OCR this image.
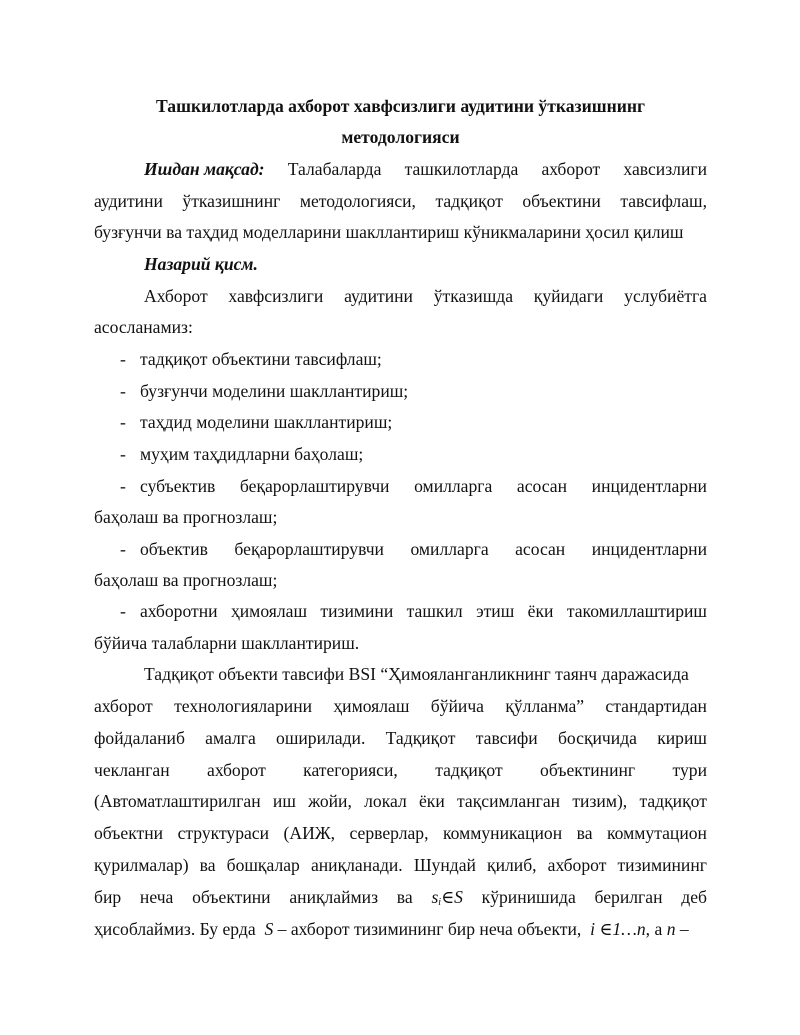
Ташкилотларда ахборот хавфсизлиги аудитини ўтказишнинг
методологияси
Ишдан мақсад: Талабаларда ташкилотларда ахборот хавсизлиги
аудитини ўтказишнинг методологияси, тадқиқот объектини тавсифлаш,
бузғунчи ва таҳдид моделларини шакллантириш кўникмаларини ҳосил қилиш
Назарий қисм.
Ахборот хавфсизлиги аудитини ўтказишда қуйидаги услубиётга
асосланамиз:
- тадқиқот объектини тавсифлаш;
- бузғунчи моделини шакллантириш;
- таҳдид моделини шакллантириш;
- муҳим таҳдидларни баҳолаш;
- субъектив беқарорлаштирувчи омилларга асосан инцидентларни
баҳолаш ва прогнозлаш;
- объектив беқарорлаштирувчи омилларга асосан инцидентларни
баҳолаш ва прогнозлаш;
- ахборотни ҳимоялаш тизимини ташкил этиш ёки такомиллаштириш
бўйича талабларни шакллантириш.
Тадқиқот объекти тавсифи BSI “Ҳимояланганликнинг таянч даражасида
ахборот технологияларини ҳимоялаш бўйича қўлланма” стандартидан
фойдаланиб амалга оширилади. Тадқиқот тавсифи босқичида кириш
чекланган ахборот категорияси, тадқиқот объектининг тури
(Автоматлаштирилган иш жойи, локал ёки тақсимланган тизим), тадқиқот
объектни структураси (АИЖ, серверлар, коммуникацион ва коммутацион
қурилмалар) ва бошқалар аниқланади. Шундай қилиб, ахборот тизимининг
бир неча объектини аниқлаймиз ва $s_i\in S$ кўринишида берилган деб
ҳисоблаймиз. Бу ерда S – ахборот тизимининг бир неча объекти, i ∈1…n, а n –
